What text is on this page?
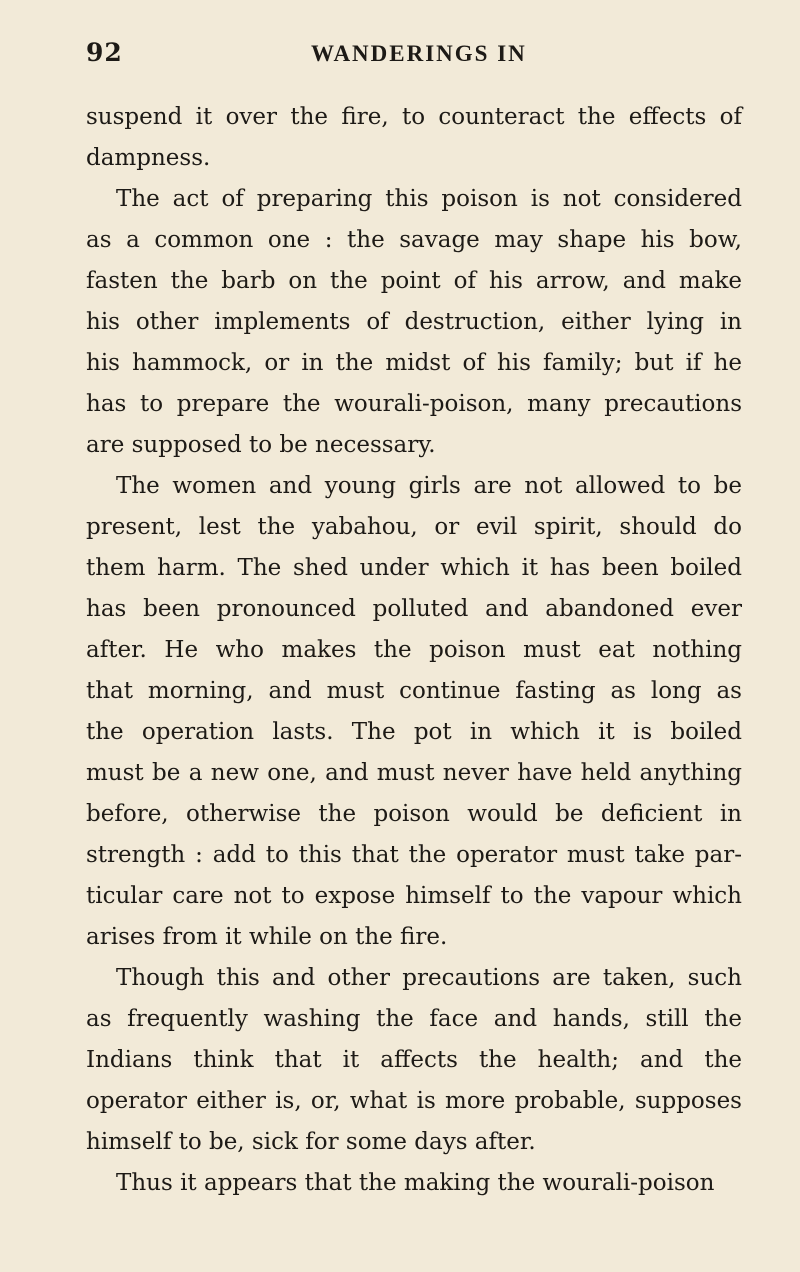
92	WANDERINGS IN
suspend it over the fire, to counteract the effects of
dampness.
The act of preparing this poison is not considered
as a common one : the savage may shape his bow,
fasten the barb on the point of his arrow, and make
his other implements of destruction, either lying in
his hammock, or in the midst of his family; but if he
has to prepare the wourali-poison, many precautions
are supposed to be necessary.
The women and young girls are not allowed to be
present, lest the yabahou, or evil spirit, should do
them harm. The shed under which it has been boiled
has been pronounced polluted and abandoned ever
after. He who makes the poison must eat nothing
that morning, and must continue fasting as long as
the operation lasts. The pot in which it is boiled
must be a new one, and must never have held anything
before, otherwise the poison would be deficient in
strength : add to this that the operator must take par-
ticular care not to expose himself to the vapour which
arises from it while on the fire.
Though this and other precautions are taken, such
as frequently washing the face and hands, still the
Indians think that it affects the health; and the
operator either is, or, what is more probable, supposes
himself to be, sick for some days after.
Thus it appears that the making the wourali-poison
